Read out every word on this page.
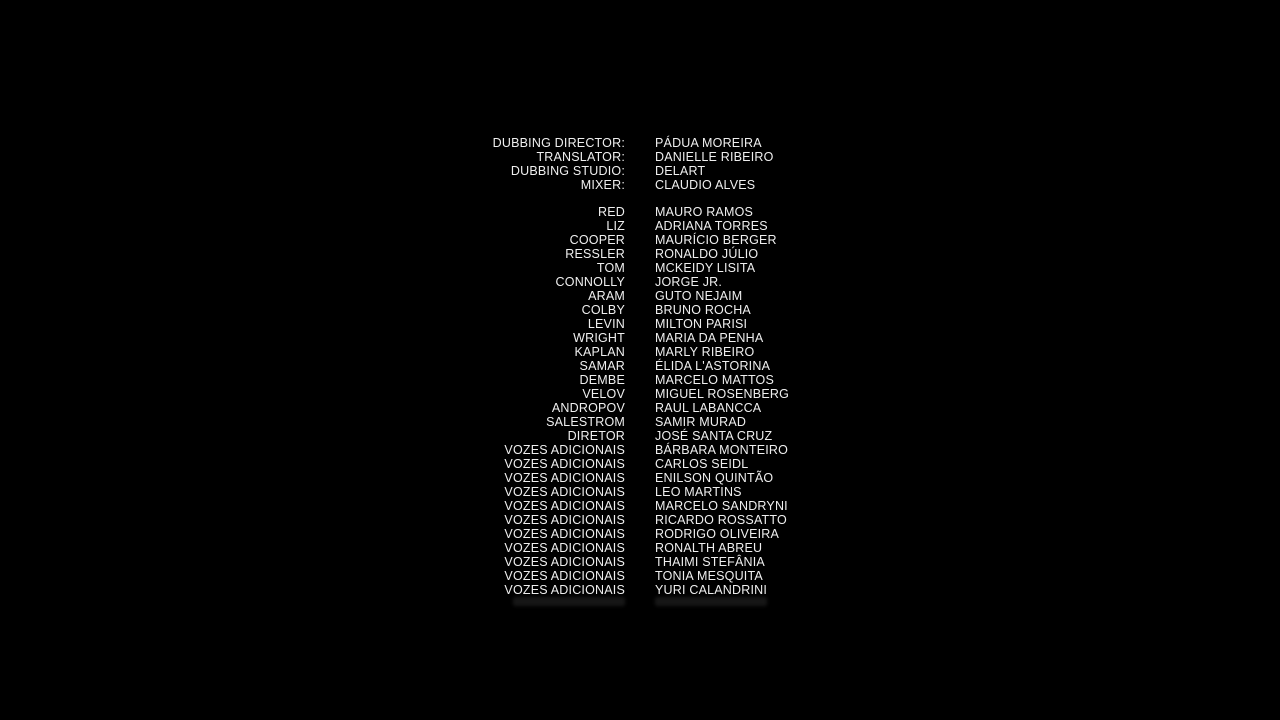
DUBBING DIRECTOR: PÁDUA MOREIRA
TRANSLATOR: DANIELLE RIBEIRO
DUBBING STUDIO: DELART
MIXER: CLAUDIO ALVES
RED MAURO RAMOS
LIZ ADRIANA TORRES
COOPER MAURÍCIO BERGER
RESSLER RONALDO JÚLIO
TOM MCKEIDY LISITA
CONNOLLY JORGE JR.
ARAM GUTO NEJAIM
COLBY BRUNO ROCHA
LEVIN MILTON PARISI
WRIGHT MARIA DA PENHA
KAPLAN MARLY RIBEIRO
SAMAR ÉLIDA L'ASTORINA
DEMBE MARCELO MATTOS
VELOV MIGUEL ROSENBERG
ANDROPOV RAUL LABANCCA
SALESTROM SAMIR MURAD
DIRETOR JOSÉ SANTA CRUZ
VOZES ADICIONAIS BÁRBARA MONTEIRO
VOZES ADICIONAIS CARLOS SEIDL
VOZES ADICIONAIS ENILSON QUINTÃO
VOZES ADICIONAIS LEO MARTINS
VOZES ADICIONAIS MARCELO SANDRYNI
VOZES ADICIONAIS RICARDO ROSSATTO
VOZES ADICIONAIS RODRIGO OLIVEIRA
VOZES ADICIONAIS RONALTH ABREU
VOZES ADICIONAIS THAIMI STEFÂNIA
VOZES ADICIONAIS TONIA MESQUITA
VOZES ADICIONAIS YURI CALANDRINI
